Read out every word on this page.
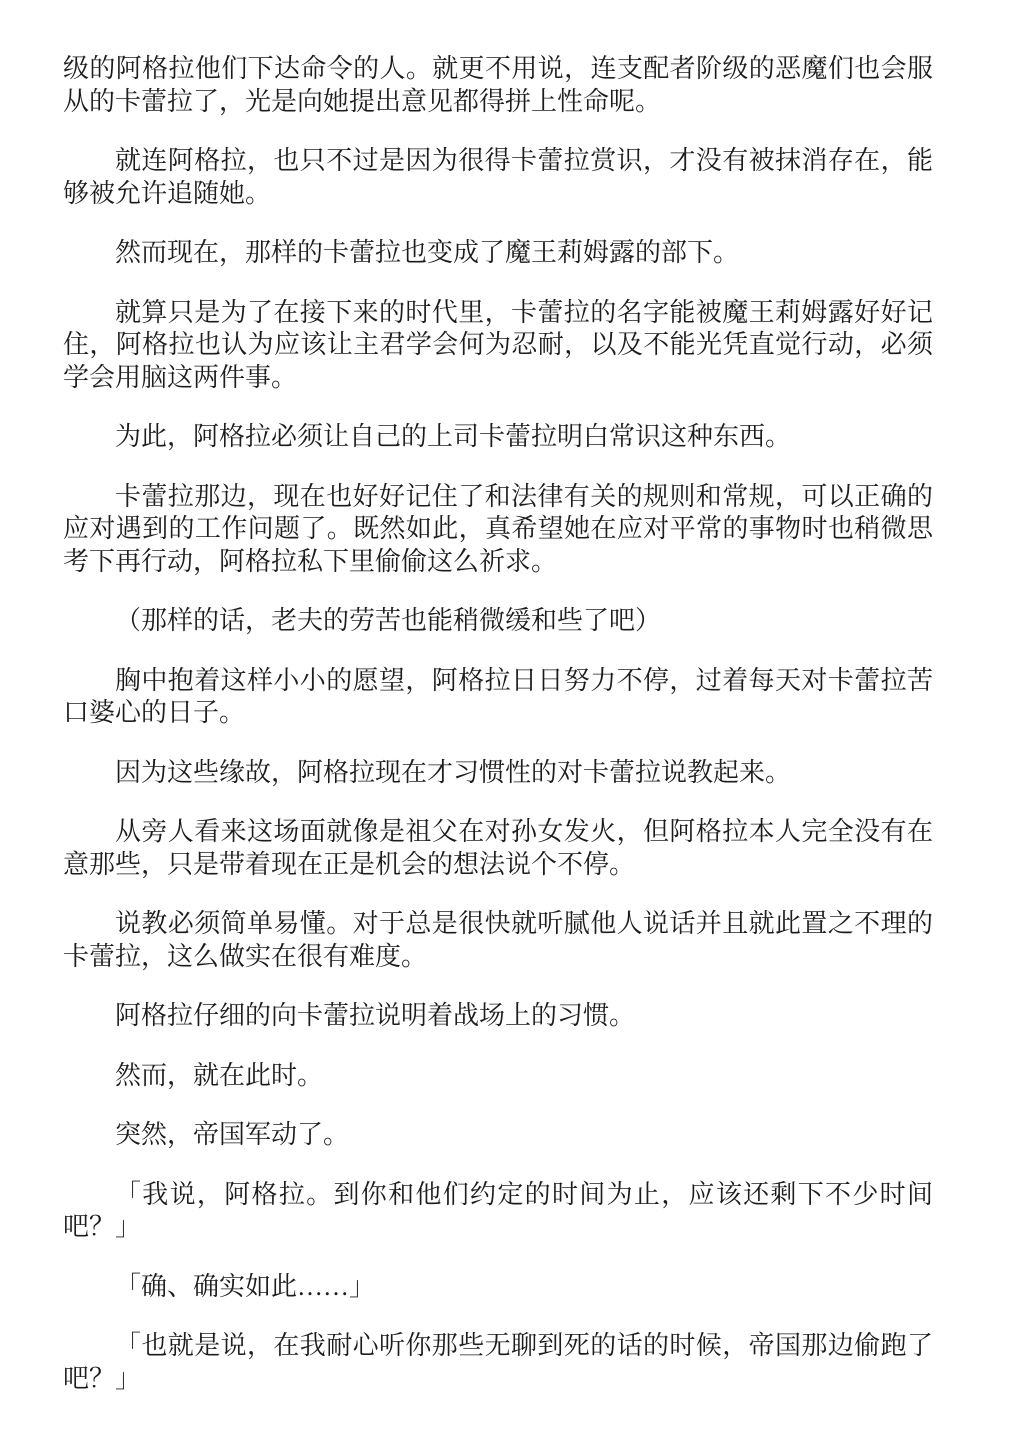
级的阿格拉他们下达命令的人。就更不用说，连支配者阶级的恶魔们也会服从的卡蕾拉了，光是向她提出意见都得拼上性命呢。

就连阿格拉，也只不过是因为很得卡蕾拉赏识，才没有被抹消存在，能够被允许追随她。

然而现在，那样的卡蕾拉也变成了魔王莉姆露的部下。

就算只是为了在接下来的时代里，卡蕾拉的名字能被魔王莉姆露好好记住，阿格拉也认为应该让主君学会何为忍耐，以及不能光凭直觉行动，必须学会用脑这两件事。

为此，阿格拉必须让自己的上司卡蕾拉明白常识这种东西。

卡蕾拉那边，现在也好好记住了和法律有关的规则和常规，可以正确的应对遇到的工作问题了。既然如此，真希望她在应对平常的事物时也稍微思考下再行动，阿格拉私下里偷偷这么祈求。

（那样的话，老夫的劳苦也能稍微缓和些了吧）

胸中抱着这样小小的愿望，阿格拉日日努力不停，过着每天对卡蕾拉苦口婆心的日子。

因为这些缘故，阿格拉现在才习惯性的对卡蕾拉说教起来。

从旁人看来这场面就像是祖父在对孙女发火，但阿格拉本人完全没有在意那些，只是带着现在正是机会的想法说个不停。

说教必须简单易懂。对于总是很快就听腻他人说话并且就此置之不理的卡蕾拉，这么做实在很有难度。

阿格拉仔细的向卡蕾拉说明着战场上的习惯。

然而，就在此时。

突然，帝国军动了。

「我说，阿格拉。到你和他们约定的时间为止，应该还剩下不少时间吧？」

「确、确实如此……」

「也就是说，在我耐心听你那些无聊到死的话的时候，帝国那边偷跑了吧？」
